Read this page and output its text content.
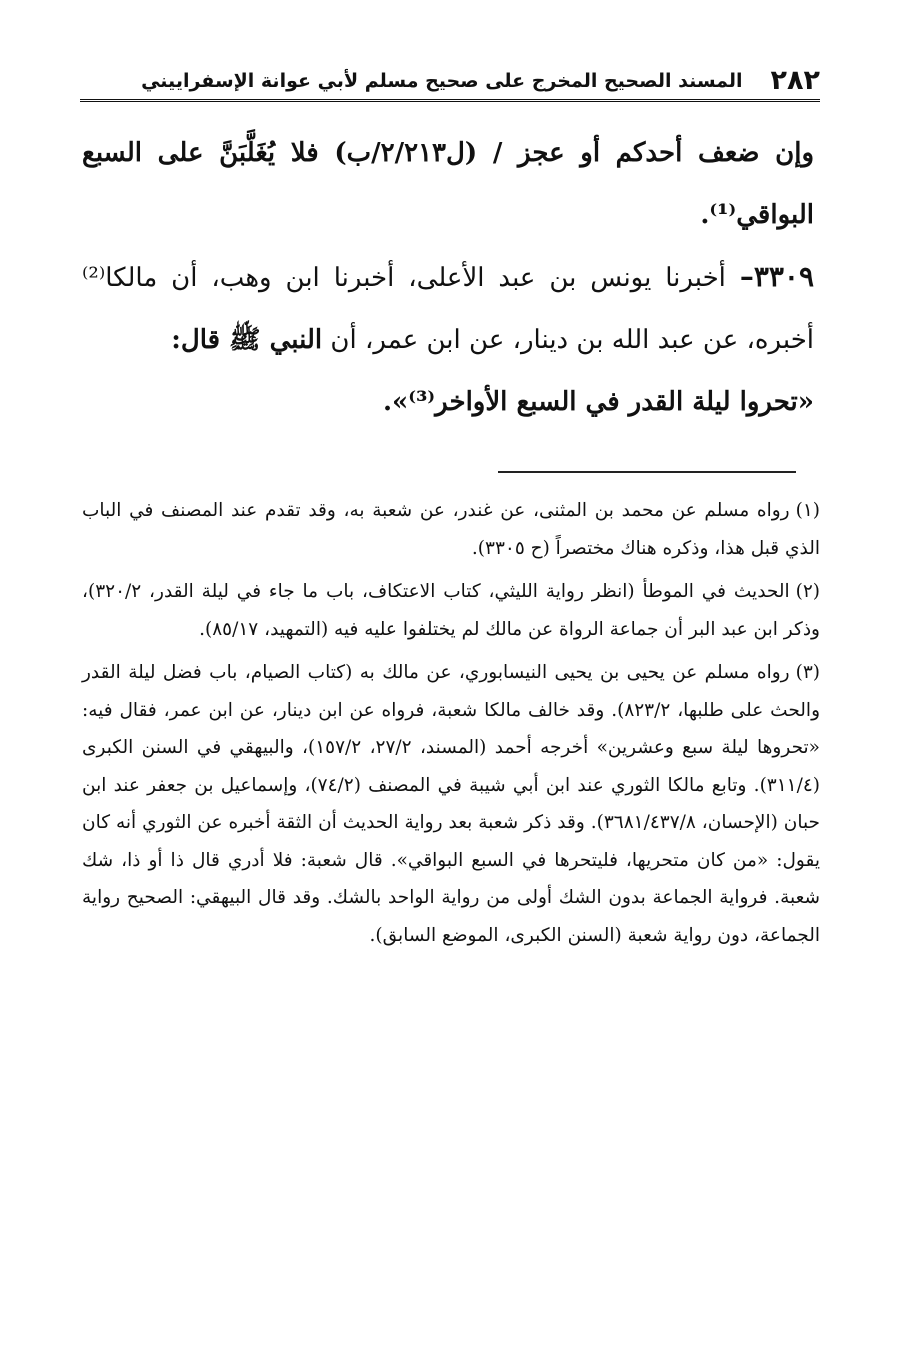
٢٨٢
المسند الصحيح المخرج على صحيح مسلم لأبي عوانة الإسفراييني

وإن ضعف أحدكم أو عجز / (ل٢/٢١٣/ب) فلا يُغَلَّبَنَّ على السبع البواقي⁽¹⁾.

٣٣٠٩– أخبرنا يونس بن عبد الأعلى، أخبرنا ابن وهب، أن مالكا⁽²⁾ أخبره، عن عبد الله بن دينار، عن ابن عمر، أن النبي ﷺ قال:

«تحروا ليلة القدر في السبع الأواخر⁽³⁾».

(١)رواه مسلم عن محمد بن المثنى، عن غندر، عن شعبة به، وقد تقدم عند المصنف في الباب الذي قبل هذا، وذكره هناك مختصراً (ح ٣٣٠٥).

(٢)الحديث في الموطأ (انظر رواية الليثي، كتاب الاعتكاف، باب ما جاء في ليلة القدر، ٣٢٠/٢)، وذكر ابن عبد البر أن جماعة الرواة عن مالك لم يختلفوا عليه فيه (التمهيد، ٨٥/١٧).

(٣)رواه مسلم عن يحيى بن يحيى النيسابوري، عن مالك به (كتاب الصيام، باب فضل ليلة القدر والحث على طلبها، ٨٢٣/٢). وقد خالف مالكا شعبة، فرواه عن ابن دينار، عن ابن عمر، فقال فيه: «تحروها ليلة سبع وعشرين» أخرجه أحمد (المسند، ٢٧/٢، ١٥٧/٢)، والبيهقي في السنن الكبرى (٣١١/٤). وتابع مالكا الثوري عند ابن أبي شيبة في المصنف (٧٤/٢)، وإسماعيل بن جعفر عند ابن حبان (الإحسان، ٣٦٨١/٤٣٧/٨). وقد ذكر شعبة بعد رواية الحديث أن الثقة أخبره عن الثوري أنه كان يقول: «من كان متحريها، فليتحرها في السبع البواقي». قال شعبة: فلا أدري قال ذا أو ذا، شك شعبة. فرواية الجماعة بدون الشك أولى من رواية الواحد بالشك. وقد قال البيهقي: الصحيح رواية الجماعة، دون رواية شعبة (السنن الكبرى، الموضع السابق).
